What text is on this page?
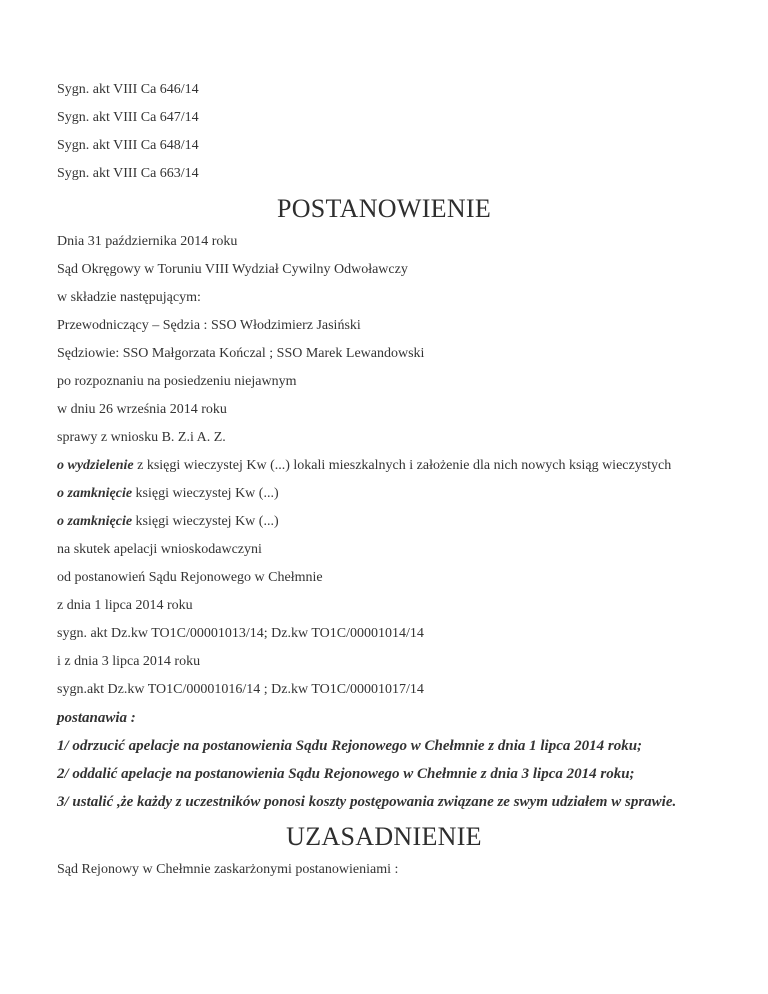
Sygn. akt VIII Ca 646/14

Sygn. akt VIII Ca 647/14

Sygn. akt VIII Ca 648/14

Sygn. akt VIII Ca 663/14

POSTANOWIENIE

Dnia 31 października 2014 roku

Sąd Okręgowy w Toruniu VIII Wydział Cywilny Odwoławczy

w składzie następującym:

Przewodniczący – Sędzia : SSO Włodzimierz Jasiński

Sędziowie: SSO Małgorzata Kończal ; SSO Marek Lewandowski

po rozpoznaniu na posiedzeniu niejawnym

w dniu 26 września 2014 roku

sprawy z wniosku B. Z.i A. Z.

o wydzielenie z księgi wieczystej Kw (...) lokali mieszkalnych i założenie dla nich nowych ksiąg wieczystych

o zamknięcie księgi wieczystej Kw (...)

o zamknięcie księgi wieczystej Kw (...)

na skutek apelacji wnioskodawczyni

od postanowień Sądu Rejonowego w Chełmnie

z dnia 1 lipca 2014 roku

sygn. akt Dz.kw TO1C/00001013/14; Dz.kw TO1C/00001014/14

i z dnia 3 lipca 2014 roku

sygn.akt Dz.kw TO1C/00001016/14 ; Dz.kw TO1C/00001017/14

postanawia :

1/ odrzucić apelacje na postanowienia Sądu Rejonowego w Chełmnie z dnia 1 lipca 2014 roku;

2/ oddalić apelacje na postanowienia Sądu Rejonowego w Chełmnie z dnia 3 lipca 2014 roku;

3/ ustalić ,że każdy z uczestników ponosi koszty postępowania związane ze swym udziałem w sprawie.

UZASADNIENIE

Sąd Rejonowy w Chełmnie zaskarżonymi postanowieniami :
